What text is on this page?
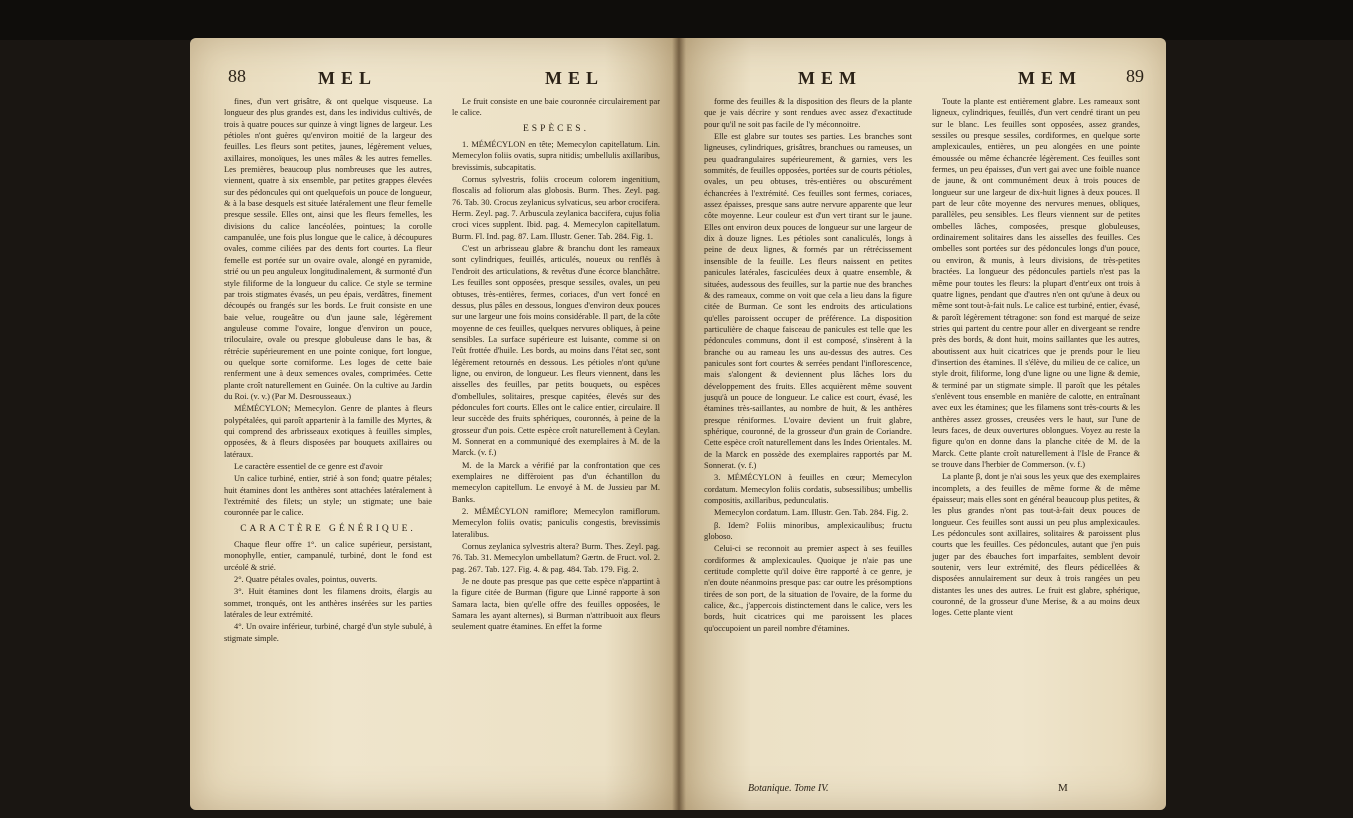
88	MEL	MEL

fines, d'un vert grisâtre, & ont quelque visqueuse. La longueur des plus grandes est, dans les individus cultivés, de trois à quatre pouces sur quinze à vingt lignes de largeur. Les pétioles n'ont guères qu'environ moitié de la largeur des feuilles. Les fleurs sont petites, jaunes, légèrement velues, axillaires, monoïques, les unes mâles & les autres femelles. Les premières, beaucoup plus nombreuses que les autres, viennent, quatre à six ensemble, par petites grappes élevées sur des pédoncules qui ont quelquefois un pouce de longueur, & à la base desquels est située latéralement une fleur femelle presque sessile. Elles ont, ainsi que les fleurs femelles, les divisions du calice lancéolées, pointues; la corolle campanulée, une fois plus longue que le calice, à découpures ovales, comme ciliées par des dents fort courtes. La fleur femelle est portée sur un ovaire ovale, alongé en pyramide, strié ou un peu anguleux longitudinalement, & surmonté d'un style filiforme de la longueur du calice. Ce style se termine par trois stigmates évasés, un peu épais, verdâtres, finement découpés ou frangés sur les bords. Le fruit consiste en une baie velue, rougeâtre ou d'un jaune sale, légèrement anguleuse comme l'ovaire, longue d'environ un pouce, triloculaire, ovale ou presque globuleuse dans le bas, & rétrécie supérieurement en une pointe conique, fort longue, ou quelque sorte corniforme. Les loges de cette baie renferment une à deux semences ovales, comprimées. Cette plante croît naturellement en Guinée. On la cultive au Jardin du Roi. (v. v.) (Par M. Desrousseaux.)

MÉMÉCYLON; Memecylon. Genre de plantes à fleurs polypétalées, qui paroît appartenir à la famille des Myrtes, & qui comprend des arbrisseaux exotiques à feuilles simples, opposées, & à fleurs disposées par bouquets axillaires ou latéraux.

Le caractère essentiel de ce genre est d'avoir

Un calice turbiné, entier, strié à son fond; quatre pétales; huit étamines dont les anthères sont attachées latéralement à l'extrémité des filets; un style; un stigmate; une baie couronnée par le calice.

CARACTÈRE GÉNÉRIQUE.

Chaque fleur offre 1°. un calice supérieur, persistant, monophylle, entier, campanulé, turbiné, dont le fond est urcéolé & strié.

2°. Quatre pétales ovales, pointus, ouverts.

3°. Huit étamines dont les filamens droits, élargis au sommet, tronqués, ont les anthères insérées sur les parties latérales de leur extrémité.

4°. Un ovaire inférieur, turbiné, chargé d'un style subulé, à stigmate simple.

Le fruit consiste en une baie couronnée circulairement par le calice.

ESPÈCES.

1. MÉMÉCYLON en tête; Memecylon capitellatum. Lin. Memecylon foliis ovatis, supra nitidis; umbellulis axillaribus, brevissimis, subcapitatis.

Cornus sylvestris, foliis croceum colorem ingenitium, floscalis ad foliorum alas globosis. Burm. Thes. Zeyl. pag. 76. Tab. 30. Crocus zeylanicus sylvaticus, seu arbor crocifera. Herm. Zeyl. pag. 7. Arbuscula zeylanica baccifera, cujus folia croci vices supplent. Ibid. pag. 4. Memecylon capitellatum. Burm. Fl. Ind. pag. 87. Lam. Illustr. Gener. Tab. 284. Fig. 1.

C'est un arbrisseau glabre & branchu dont les rameaux sont cylindriques, feuillés, articulés, noueux ou renflés à l'endroit des articulations, & revêtus d'une écorce blanchâtre. Les feuilles sont opposées, presque sessiles, ovales, un peu obtuses, très-entières, fermes, coriaces, d'un vert foncé en dessus, plus pâles en dessous, longues d'environ deux pouces sur une largeur une fois moins considérable. Il part, de la côte moyenne de ces feuilles, quelques nervures obliques, à peine sensibles. La surface supérieure est luisante, comme si on l'eût frottée d'huile. Les bords, au moins dans l'état sec, sont légèrement retournés en dessous. Les pétioles n'ont qu'une ligne, ou environ, de longueur. Les fleurs viennent, dans les aisselles des feuilles, par petits bouquets, ou espèces d'ombellules, solitaires, presque capitées, élevés sur des pédoncules fort courts. Elles ont le calice entier, circulaire. Il leur succède des fruits sphériques, couronnés, à peine de la grosseur d'un pois. Cette espèce croît naturellement à Ceylan. M. Sonnerat en a communiqué des exemplaires à M. de la Marck. (v. f.)

M. de la Marck a vérifié par la confrontation que ces exemplaires ne diffèroient pas d'un échantillon du memecylon capitellum. Le envoyé à M. de Jussieu par M. Banks.

2. MÉMÉCYLON ramiflore; Memecylon ramiflorum. Memecylon foliis ovatis; paniculis congestis, brevissimis lateralibus.

Cornus zeylanica sylvestris altera? Burm. Thes. Zeyl. pag. 76. Tab. 31. Memecylon umbellatum? Gærtn. de Fruct. vol. 2. pag. 267. Tab. 127. Fig. 4. & pag. 484. Tab. 179. Fig. 2.

Je ne doute pas presque pas que cette espèce n'appartint à la figure citée de Burman (figure que Linné rapporte à son Samara lacta, bien qu'elle offre des feuilles opposées, le Samara les ayant alternes), si Burman n'attribuoit aux fleurs seulement quatre étamines. En effet la forme

MEM	MEM 89

forme des feuilles & la disposition des fleurs de la plante que je vais décrire y sont rendues avec assez d'exactitude pour qu'il ne soit pas facile de l'y méconnoitre.

Elle est glabre sur toutes ses parties. Les branches sont ligneuses, cylindriques, grisâtres, branchues ou rameuses, un peu quadrangulaires supérieurement, & garnies, vers les sommités, de feuilles opposées, portées sur de courts pétioles, ovales, un peu obtuses, très-entières ou obscurément échancrées à l'extrémité. Ces feuilles sont fermes, coriaces, assez épaisses, presque sans autre nervure apparente que leur côte moyenne. Leur couleur est d'un vert tirant sur le jaune. Elles ont environ deux pouces de longueur sur une largeur de dix à douze lignes. Les pétioles sont canaliculés, longs à peine de deux lignes, & formés par un rétrécissement insensible de la feuille. Les fleurs naissent en petites panicules latérales, fasciculées deux à quatre ensemble, & situées, audessous des feuilles, sur la partie nue des branches & des rameaux, comme on voit que cela a lieu dans la figure citée de Burman. Ce sont les endroits des articulations qu'elles paroissent occuper de préférence. La disposition particulière de chaque faisceau de panicules est telle que les pédoncules communs, dont il est composé, s'insèrent à la branche ou au rameau les uns au-dessus des autres. Ces panicules sont fort courtes & serrées pendant l'inflorescence, mais s'alongent & deviennent plus lâches lors du développement des fruits. Elles acquièrent même souvent jusqu'à un pouce de longueur. Le calice est court, évasé, les étamines très-saillantes, au nombre de huit, & les anthères presque réniformes. L'ovaire devient un fruit glabre, sphérique, couronné, de la grosseur d'un grain de Coriandre. Cette espèce croît naturellement dans les Indes Orientales. M. de la Marck en possède des exemplaires rapportés par M. Sonnerat. (v. f.)

3. MÉMÉCYLON à feuilles en cœur; Memecylon cordatum. Memecylon foliis cordatis, subsessilibus; umbellis compositis, axillaribus, pedunculatis.

Memecylon cordatum. Lam. Illustr. Gen. Tab. 284. Fig. 2.

β. Idem? Foliis minoribus, amplexicaulibus; fructu globoso.

Celui-ci se reconnoit au premier aspect à ses feuilles cordiformes & amplexicaules. Quoique je n'aie pas une certitude complette qu'il doive être rapporté à ce genre, je n'en doute néanmoins presque pas: car outre les présomptions tirées de son port, de la situation de l'ovaire, de la forme du calice, &c., j'appercois distinctement dans le calice, vers les bords, huit cicatrices qui me paroissent les places qu'occupoient un pareil nombre d'étamines.

Toute la plante est entièrement glabre. Les rameaux sont ligneux, cylindriques, feuillés, d'un vert cendré tirant un peu sur le blanc. Les feuilles sont opposées, assez grandes, sessiles ou presque sessiles, cordiformes, en quelque sorte amplexicaules, entières, un peu alongées en une pointe émoussée ou même échancrée légèrement. Ces feuilles sont fermes, un peu épaisses, d'un vert gai avec une foible nuance de jaune, & ont communément deux à trois pouces de longueur sur une largeur de dix-huit lignes à deux pouces. Il part de leur côte moyenne des nervures menues, obliques, parallèles, peu sensibles. Les fleurs viennent sur de petites ombelles lâches, composées, presque globuleuses, ordinairement solitaires dans les aisselles des feuilles. Ces ombelles sont portées sur des pédoncules longs d'un pouce, ou environ, & munis, à leurs divisions, de très-petites bractées. La longueur des pédoncules partiels n'est pas la même pour toutes les fleurs: la plupart d'entr'eux ont trois à quatre lignes, pendant que d'autres n'en ont qu'une à deux ou même sont tout-à-fait nuls. Le calice est turbiné, entier, évasé, & paroît légèrement tétragone: son fond est marqué de seize stries qui partent du centre pour aller en divergeant se rendre près des bords, & dont huit, moins saillantes que les autres, aboutissent aux huit cicatrices que je prends pour le lieu d'insertion des étamines. Il s'élève, du milieu de ce calice, un style droit, filiforme, long d'une ligne ou une ligne & demie, & terminé par un stigmate simple. Il paroît que les pétales s'enlèvent tous ensemble en manière de calotte, en entraînant avec eux les étamines; que les filamens sont très-courts & les anthères assez grosses, creusées vers le haut, sur l'une de leurs faces, de deux ouvertures oblongues. Voyez au reste la figure qu'on en donne dans la planche citée de M. de la Marck. Cette plante croît naturellement à l'Isle de France & se trouve dans l'herbier de Commerson. (v. f.)

La plante β, dont je n'ai sous les yeux que des exemplaires incomplets, a des feuilles de même forme & de même épaisseur; mais elles sont en général beaucoup plus petites, & les plus grandes n'ont pas tout-à-fait deux pouces de longueur. Ces feuilles sont aussi un peu plus amplexicaules. Les pédoncules sont axillaires, solitaires & paroissent plus courts que les feuilles. Ces pédoncules, autant que j'en puis juger par des ébauches fort imparfaites, semblent devoir soutenir, vers leur extrémité, des fleurs pédicellées & disposées annulairement sur deux à trois rangées un peu distantes les unes des autres. Le fruit est glabre, sphérique, couronné, de la grosseur d'une Merise, & a au moins deux loges. Cette plante vient

Botanique. Tome IV.	M
